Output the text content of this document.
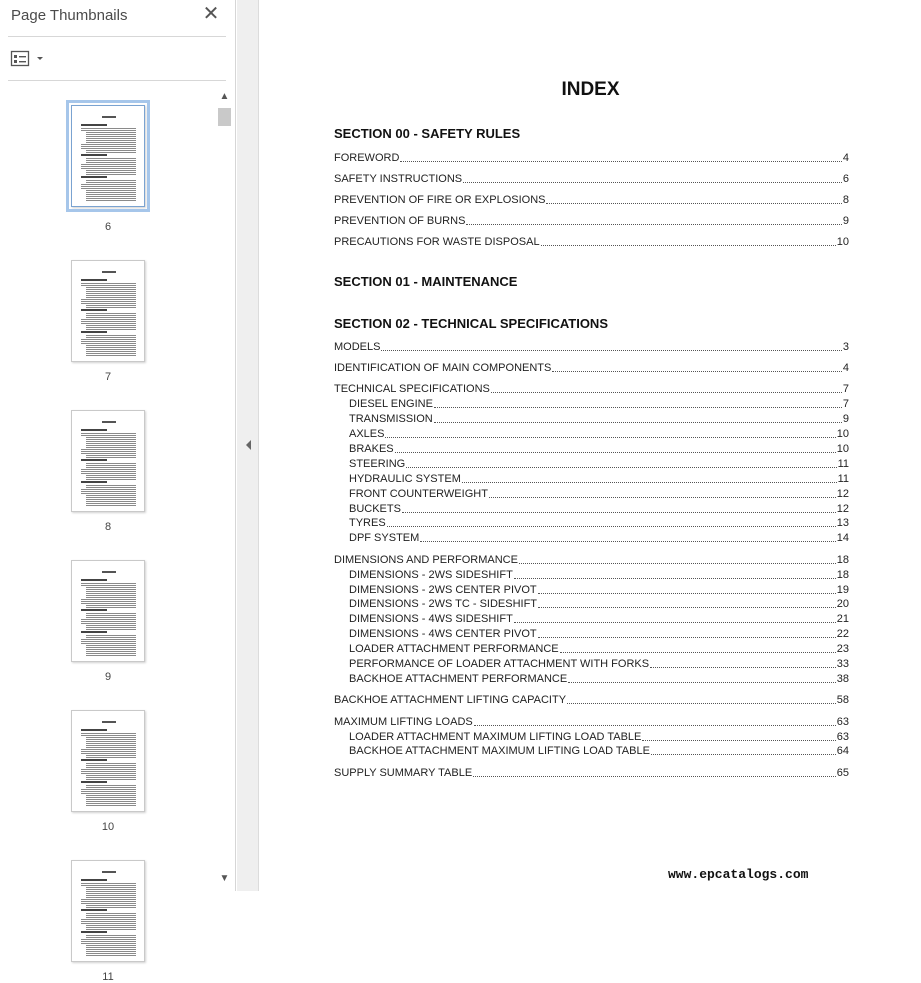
Page Thumbnails	✕
6
7
8
9
10
11
▲
▼
INDEX
www.epcatalogs.com
SECTION 00 - SAFETY RULES
FOREWORD	4
SAFETY INSTRUCTIONS	6
PREVENTION OF FIRE OR EXPLOSIONS	8
PREVENTION OF BURNS	9
PRECAUTIONS FOR WASTE DISPOSAL	10
SECTION 01 - MAINTENANCE
SECTION 02 - TECHNICAL SPECIFICATIONS
MODELS	3
IDENTIFICATION OF MAIN COMPONENTS	4
TECHNICAL SPECIFICATIONS	7
DIESEL ENGINE	7
TRANSMISSION	9
AXLES	10
BRAKES	10
STEERING	11
HYDRAULIC SYSTEM	11
FRONT COUNTERWEIGHT	12
BUCKETS	12
TYRES	13
DPF SYSTEM	14
DIMENSIONS AND PERFORMANCE	18
DIMENSIONS - 2WS SIDESHIFT	18
DIMENSIONS - 2WS CENTER PIVOT	19
DIMENSIONS - 2WS TC - SIDESHIFT	20
DIMENSIONS - 4WS SIDESHIFT	21
DIMENSIONS - 4WS CENTER PIVOT	22
LOADER ATTACHMENT PERFORMANCE	23
PERFORMANCE OF LOADER ATTACHMENT WITH FORKS	33
BACKHOE ATTACHMENT PERFORMANCE	38
BACKHOE ATTACHMENT LIFTING CAPACITY	58
MAXIMUM LIFTING LOADS	63
LOADER ATTACHMENT MAXIMUM LIFTING LOAD TABLE	63
BACKHOE ATTACHMENT MAXIMUM LIFTING LOAD TABLE	64
SUPPLY SUMMARY TABLE	65
